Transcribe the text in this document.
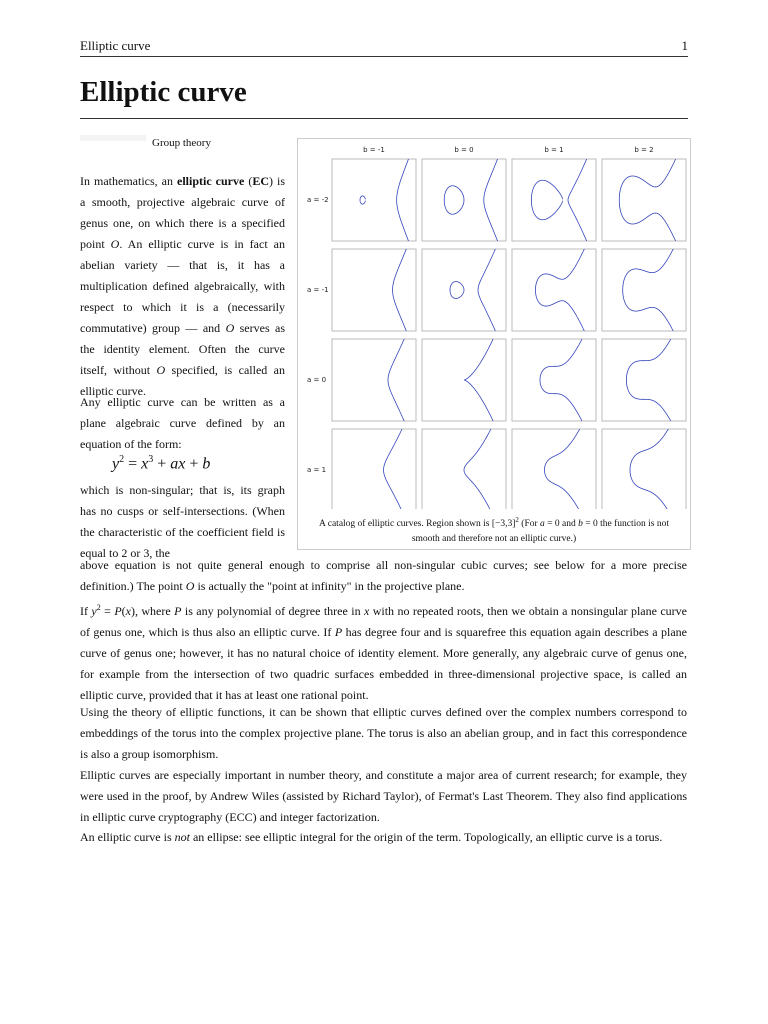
Elliptic curve	1
Elliptic curve
Group theory

In mathematics, an elliptic curve (EC) is a smooth, projective algebraic curve of genus one, on which there is a specified point O. An elliptic curve is in fact an abelian variety — that is, it has a multiplication defined algebraically, with respect to which it is a (necessarily commutative) group — and O serves as the identity element. Often the curve itself, without O specified, is called an elliptic curve.

Any elliptic curve can be written as a plane algebraic curve defined by an equation of the form:

$y^2 = x^3$ + ax + b

which is non-singular; that is, its graph has no cusps or self-intersections. (When the characteristic of the coefficient field is equal to 2 or 3, the

b = -1	b = 0	b = 1	b = 2
a = -2
a = -1
a = 0
a = 1
A catalog of elliptic curves. Region shown is $[-3,3]^2$ (For a = 0 and b = 0 the function is not smooth and therefore not an elliptic curve.)

above equation is not quite general enough to comprise all non-singular cubic curves; see below for a more precise definition.) The point O is actually the "point at infinity" in the projective plane.

If $y^2 = P(x)$, where P is any polynomial of degree three in x with no repeated roots, then we obtain a nonsingular plane curve of genus one, which is thus also an elliptic curve. If P has degree four and is squarefree this equation again describes a plane curve of genus one; however, it has no natural choice of identity element. More generally, any algebraic curve of genus one, for example from the intersection of two quadric surfaces embedded in three-dimensional projective space, is called an elliptic curve, provided that it has at least one rational point.

Using the theory of elliptic functions, it can be shown that elliptic curves defined over the complex numbers correspond to embeddings of the torus into the complex projective plane. The torus is also an abelian group, and in fact this correspondence is also a group isomorphism.

Elliptic curves are especially important in number theory, and constitute a major area of current research; for example, they were used in the proof, by Andrew Wiles (assisted by Richard Taylor), of Fermat's Last Theorem. They also find applications in elliptic curve cryptography (ECC) and integer factorization.

An elliptic curve is not an ellipse: see elliptic integral for the origin of the term. Topologically, an elliptic curve is a torus.
